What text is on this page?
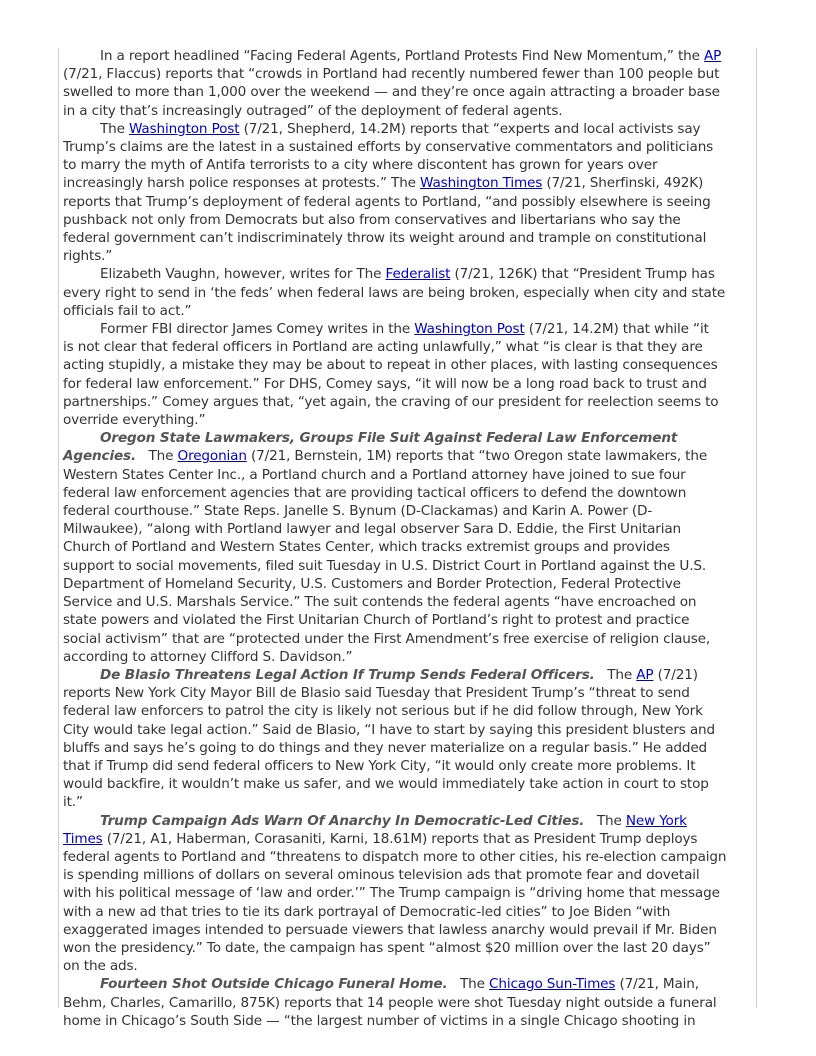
In a report headlined “Facing Federal Agents, Portland Protests Find New Momentum,” the AP
(7/21, Flaccus) reports that “crowds in Portland had recently numbered fewer than 100 people but
swelled to more than 1,000 over the weekend — and they’re once again attracting a broader base
in a city that’s increasingly outraged” of the deployment of federal agents.
The Washington Post (7/21, Shepherd, 14.2M) reports that “experts and local activists say
Trump’s claims are the latest in a sustained efforts by conservative commentators and politicians
to marry the myth of Antifa terrorists to a city where discontent has grown for years over
increasingly harsh police responses at protests.” The Washington Times (7/21, Sherfinski, 492K)
reports that Trump’s deployment of federal agents to Portland, “and possibly elsewhere is seeing
pushback not only from Democrats but also from conservatives and libertarians who say the
federal government can’t indiscriminately throw its weight around and trample on constitutional
rights.”
Elizabeth Vaughn, however, writes for The Federalist (7/21, 126K) that “President Trump has
every right to send in ‘the feds’ when federal laws are being broken, especially when city and state
officials fail to act.”
Former FBI director James Comey writes in the Washington Post (7/21, 14.2M) that while “it
is not clear that federal officers in Portland are acting unlawfully,” what “is clear is that they are
acting stupidly, a mistake they may be about to repeat in other places, with lasting consequences
for federal law enforcement.” For DHS, Comey says, “it will now be a long road back to trust and
partnerships.” Comey argues that, “yet again, the craving of our president for reelection seems to
override everything.”
Oregon State Lawmakers, Groups File Suit Against Federal Law Enforcement
Agencies.   The Oregonian (7/21, Bernstein, 1M) reports that “two Oregon state lawmakers, the
Western States Center Inc., a Portland church and a Portland attorney have joined to sue four
federal law enforcement agencies that are providing tactical officers to defend the downtown
federal courthouse.” State Reps. Janelle S. Bynum (D-Clackamas) and Karin A. Power (D-
Milwaukee), “along with Portland lawyer and legal observer Sara D. Eddie, the First Unitarian
Church of Portland and Western States Center, which tracks extremist groups and provides
support to social movements, filed suit Tuesday in U.S. District Court in Portland against the U.S.
Department of Homeland Security, U.S. Customers and Border Protection, Federal Protective
Service and U.S. Marshals Service.” The suit contends the federal agents “have encroached on
state powers and violated the First Unitarian Church of Portland’s right to protest and practice
social activism” that are “protected under the First Amendment’s free exercise of religion clause,
according to attorney Clifford S. Davidson.”
De Blasio Threatens Legal Action If Trump Sends Federal Officers.   The AP (7/21)
reports New York City Mayor Bill de Blasio said Tuesday that President Trump’s “threat to send
federal law enforcers to patrol the city is likely not serious but if he did follow through, New York
City would take legal action.” Said de Blasio, “I have to start by saying this president blusters and
bluffs and says he’s going to do things and they never materialize on a regular basis.” He added
that if Trump did send federal officers to New York City, “it would only create more problems. It
would backfire, it wouldn’t make us safer, and we would immediately take action in court to stop
it.”
Trump Campaign Ads Warn Of Anarchy In Democratic-Led Cities.   The New York
Times (7/21, A1, Haberman, Corasaniti, Karni, 18.61M) reports that as President Trump deploys
federal agents to Portland and “threatens to dispatch more to other cities, his re-election campaign
is spending millions of dollars on several ominous television ads that promote fear and dovetail
with his political message of ‘law and order.’” The Trump campaign is “driving home that message
with a new ad that tries to tie its dark portrayal of Democratic-led cities” to Joe Biden “with
exaggerated images intended to persuade viewers that lawless anarchy would prevail if Mr. Biden
won the presidency.” To date, the campaign has spent “almost $20 million over the last 20 days”
on the ads.
Fourteen Shot Outside Chicago Funeral Home.   The Chicago Sun-Times (7/21, Main,
Behm, Charles, Camarillo, 875K) reports that 14 people were shot Tuesday night outside a funeral
home in Chicago’s South Side — “the largest number of victims in a single Chicago shooting in
